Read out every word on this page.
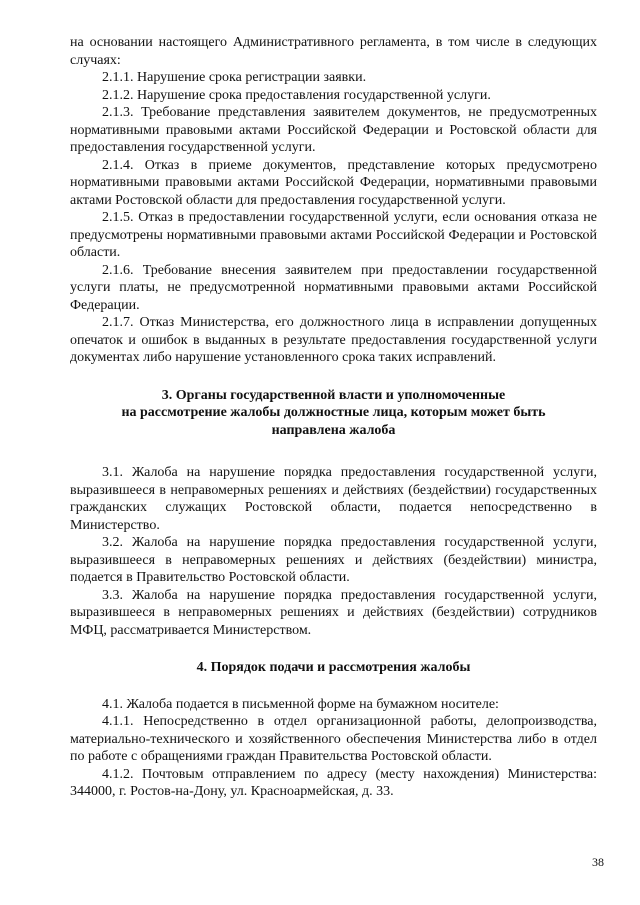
на основании настоящего Административного регламента, в том числе в следующих случаях:

2.1.1. Нарушение срока регистрации заявки.

2.1.2. Нарушение срока предоставления государственной услуги.

2.1.3. Требование представления заявителем документов, не предусмотренных нормативными правовыми актами Российской Федерации и Ростовской области для предоставления государственной услуги.

2.1.4. Отказ в приеме документов, представление которых предусмотрено нормативными правовыми актами Российской Федерации, нормативными правовыми актами Ростовской области для предоставления государственной услуги.

2.1.5. Отказ в предоставлении государственной услуги, если основания отказа не предусмотрены нормативными правовыми актами Российской Федерации и Ростовской области.

2.1.6. Требование внесения заявителем при предоставлении государственной услуги платы, не предусмотренной нормативными правовыми актами Российской Федерации.

2.1.7. Отказ Министерства, его должностного лица в исправлении допущенных опечаток и ошибок в выданных в результате предоставления государственной услуги документах либо нарушение установленного срока таких исправлений.

3. Органы государственной власти и уполномоченные

на рассмотрение жалобы должностные лица, которым может быть

направлена жалоба

3.1. Жалоба на нарушение порядка предоставления государственной услуги, выразившееся в неправомерных решениях и действиях (бездействии) государственных гражданских служащих Ростовской области, подается непосредственно в Министерство.

3.2. Жалоба на нарушение порядка предоставления государственной услуги, выразившееся в неправомерных решениях и действиях (бездействии) министра, подается в Правительство Ростовской области.

3.3. Жалоба на нарушение порядка предоставления государственной услуги, выразившееся в неправомерных решениях и действиях (бездействии) сотрудников МФЦ, рассматривается Министерством.

4. Порядок подачи и рассмотрения жалобы

4.1. Жалоба подается в письменной форме на бумажном носителе:

4.1.1. Непосредственно в отдел организационной работы, делопроизводства, материально-технического и хозяйственного обеспечения Министерства либо в отдел по работе с обращениями граждан Правительства Ростовской области.

4.1.2. Почтовым отправлением по адресу (месту нахождения) Министерства: 344000, г. Ростов-на-Дону, ул. Красноармейская, д. 33.

38
